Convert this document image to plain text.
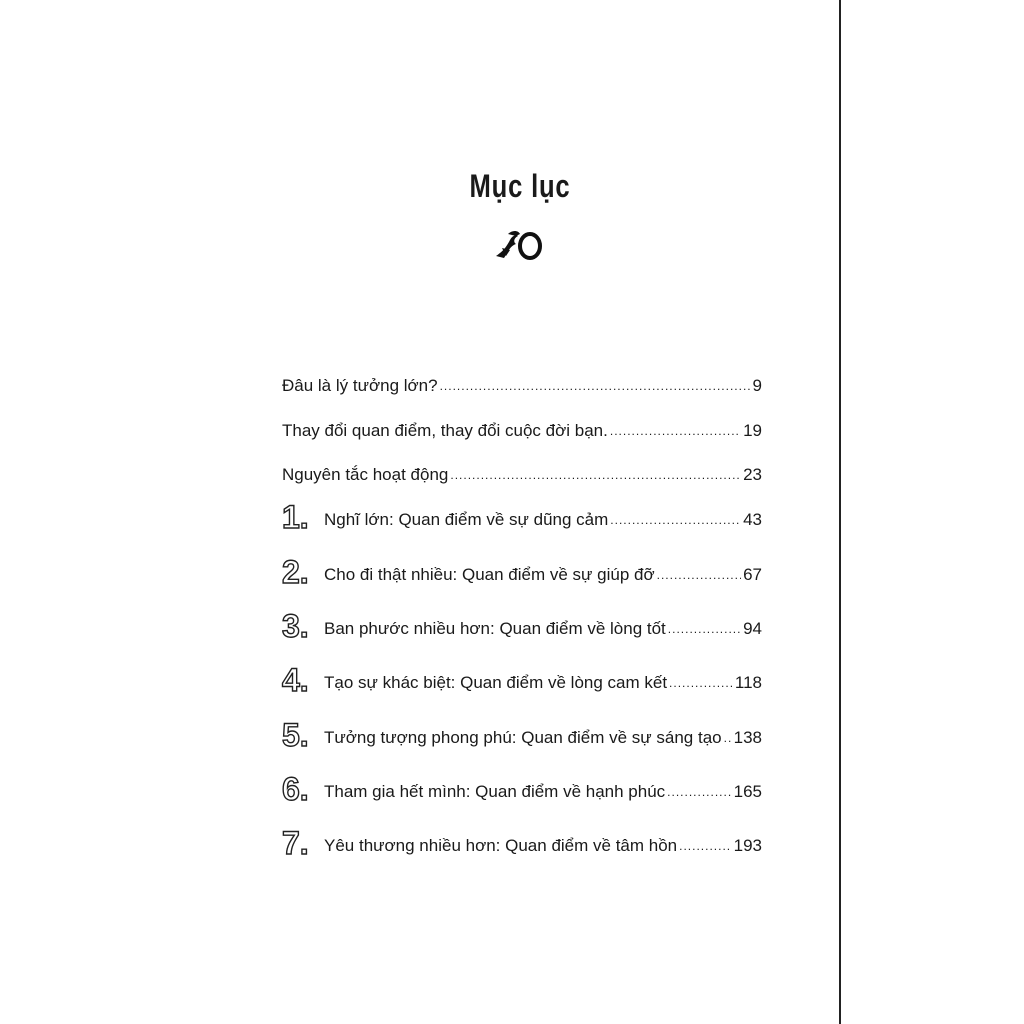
Mục lục
Đâu là lý tưởng lớn? .....	9
Thay đổi quan điểm, thay đổi cuộc đời bạn. .....	19
Nguyên tắc hoạt động .....	23
1. Nghĩ lớn: Quan điểm về sự dũng cảm .....	43
2. Cho đi thật nhiều: Quan điểm về sự giúp đỡ .....	67
3. Ban phước nhiều hơn: Quan điểm về lòng tốt .....	94
4. Tạo sự khác biệt: Quan điểm về lòng cam kết .....	118
5. Tưởng tượng phong phú: Quan điểm về sự sáng tạo ..... 138
6. Tham gia hết mình: Quan điểm về hạnh phúc .....	165
7. Yêu thương nhiều hơn: Quan điểm về tâm hồn .....	193
